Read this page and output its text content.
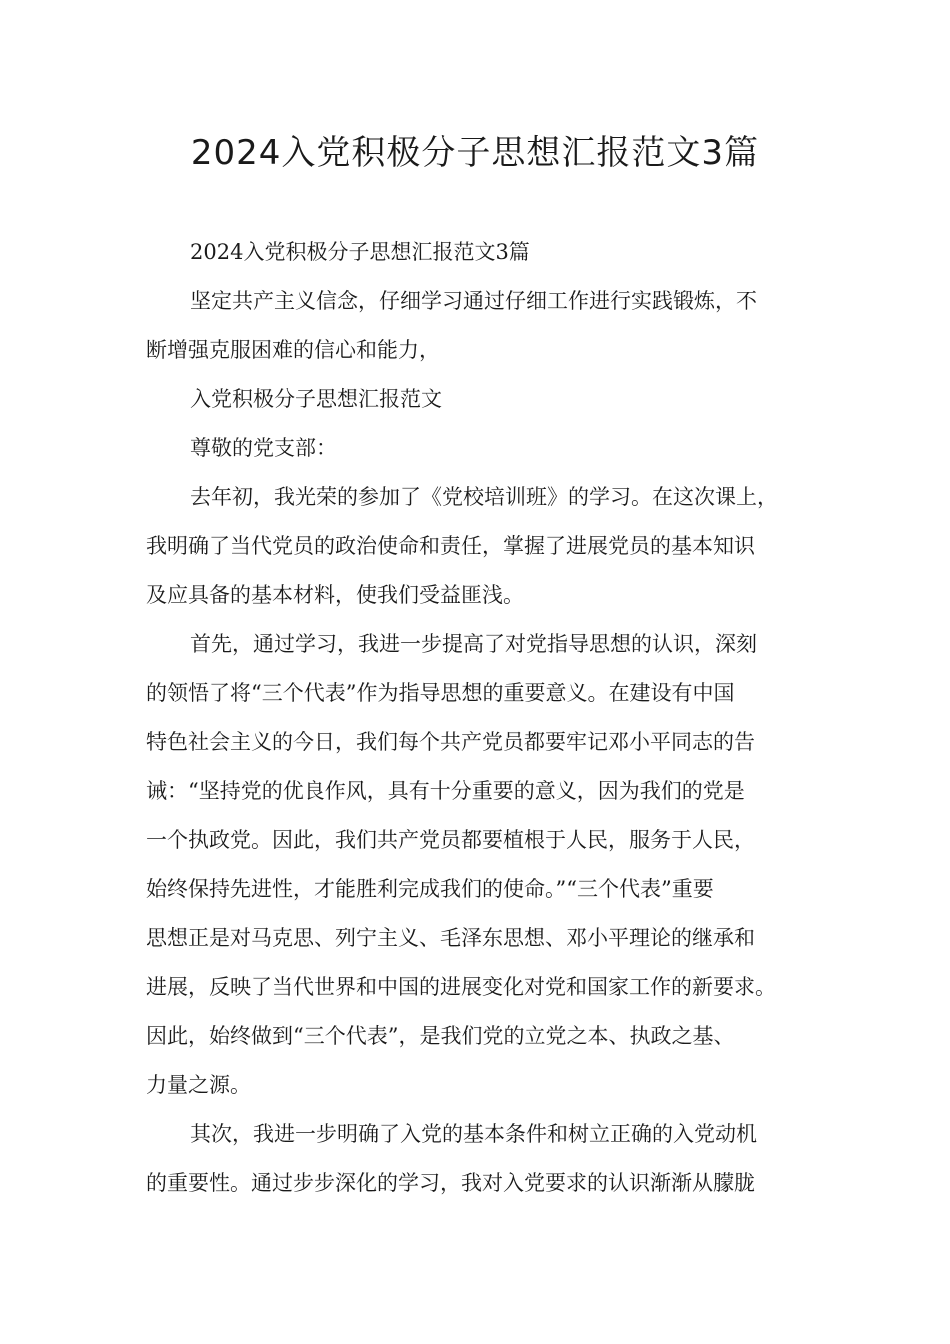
2024入党积极分子思想汇报范文3篇
2024入党积极分子思想汇报范文3篇
坚定共产主义信念，仔细学习通过仔细工作进行实践锻炼，不
断增强克服困难的信心和能力，
入党积极分子思想汇报范文
尊敬的党支部：
去年初，我光荣的参加了《党校培训班》的学习。在这次课上，
我明确了当代党员的政治使命和责任，掌握了进展党员的基本知识
及应具备的基本材料，使我们受益匪浅。
首先，通过学习，我进一步提高了对党指导思想的认识，深刻
的领悟了将“三个代表”作为指导思想的重要意义。在建设有中国
特色社会主义的今日，我们每个共产党员都要牢记邓小平同志的告
诫：“坚持党的优良作风，具有十分重要的意义，因为我们的党是
一个执政党。因此，我们共产党员都要植根于人民，服务于人民，
始终保持先进性，才能胜利完成我们的使命。”“三个代表”重要
思想正是对马克思、列宁主义、毛泽东思想、邓小平理论的继承和
进展，反映了当代世界和中国的进展变化对党和国家工作的新要求。
因此，始终做到“三个代表”，是我们党的立党之本、执政之基、
力量之源。
其次，我进一步明确了入党的基本条件和树立正确的入党动机
的重要性。通过步步深化的学习，我对入党要求的认识渐渐从朦胧
